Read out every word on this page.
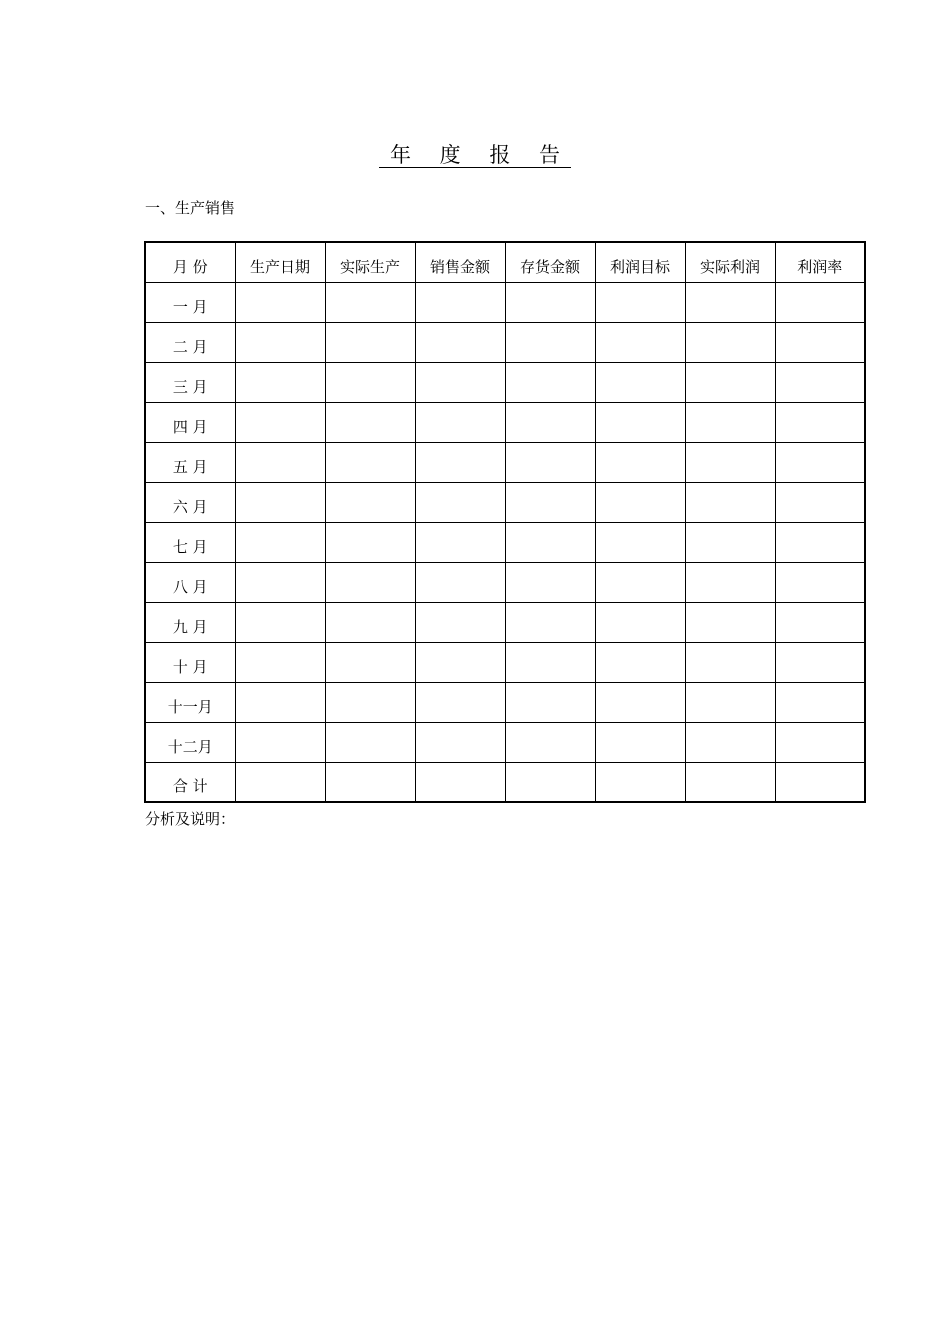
年 度 报 告

一、生产销售

月 份	生产日期	实际生产	销售金额	存货金额	利润目标	实际利润	利润率
一 月							
二 月							
三 月							
四 月							
五 月							
六 月							
七 月							
八 月							
九 月							
十 月							
十一月							
十二月							
合 计							

分析及说明：
